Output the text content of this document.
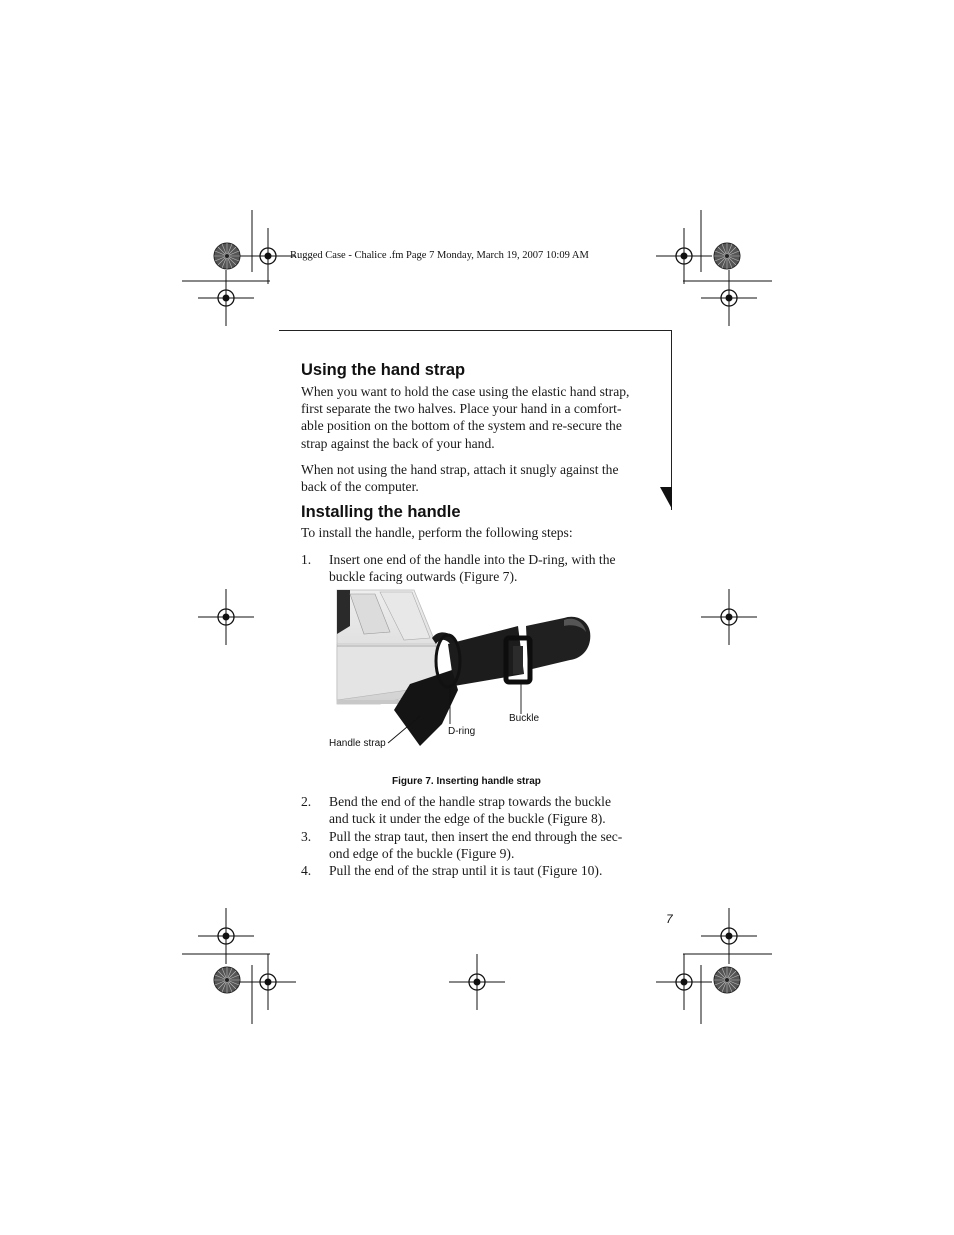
Rugged Case - Chalice .fm Page 7 Monday, March 19, 2007 10:09 AM
Using the hand strap
When you want to hold the case using the elastic hand strap,
first separate the two halves. Place your hand in a comfort-
able position on the bottom of the system and re-secure the
strap against the back of your hand.
When not using the hand strap, attach it snugly against the
back of the computer.
Installing the handle
To install the handle, perform the following steps:
1. Insert one end of the handle into the D-ring, with the
buckle facing outwards (Figure 7).
Handle strap
D-ring
Buckle
Figure 7. Inserting handle strap
2. Bend the end of the handle strap towards the buckle
and tuck it under the edge of the buckle (Figure 8).
3. Pull the strap taut, then insert the end through the sec-
ond edge of the buckle (Figure 9).
4. Pull the end of the strap until it is taut (Figure 10).
7
